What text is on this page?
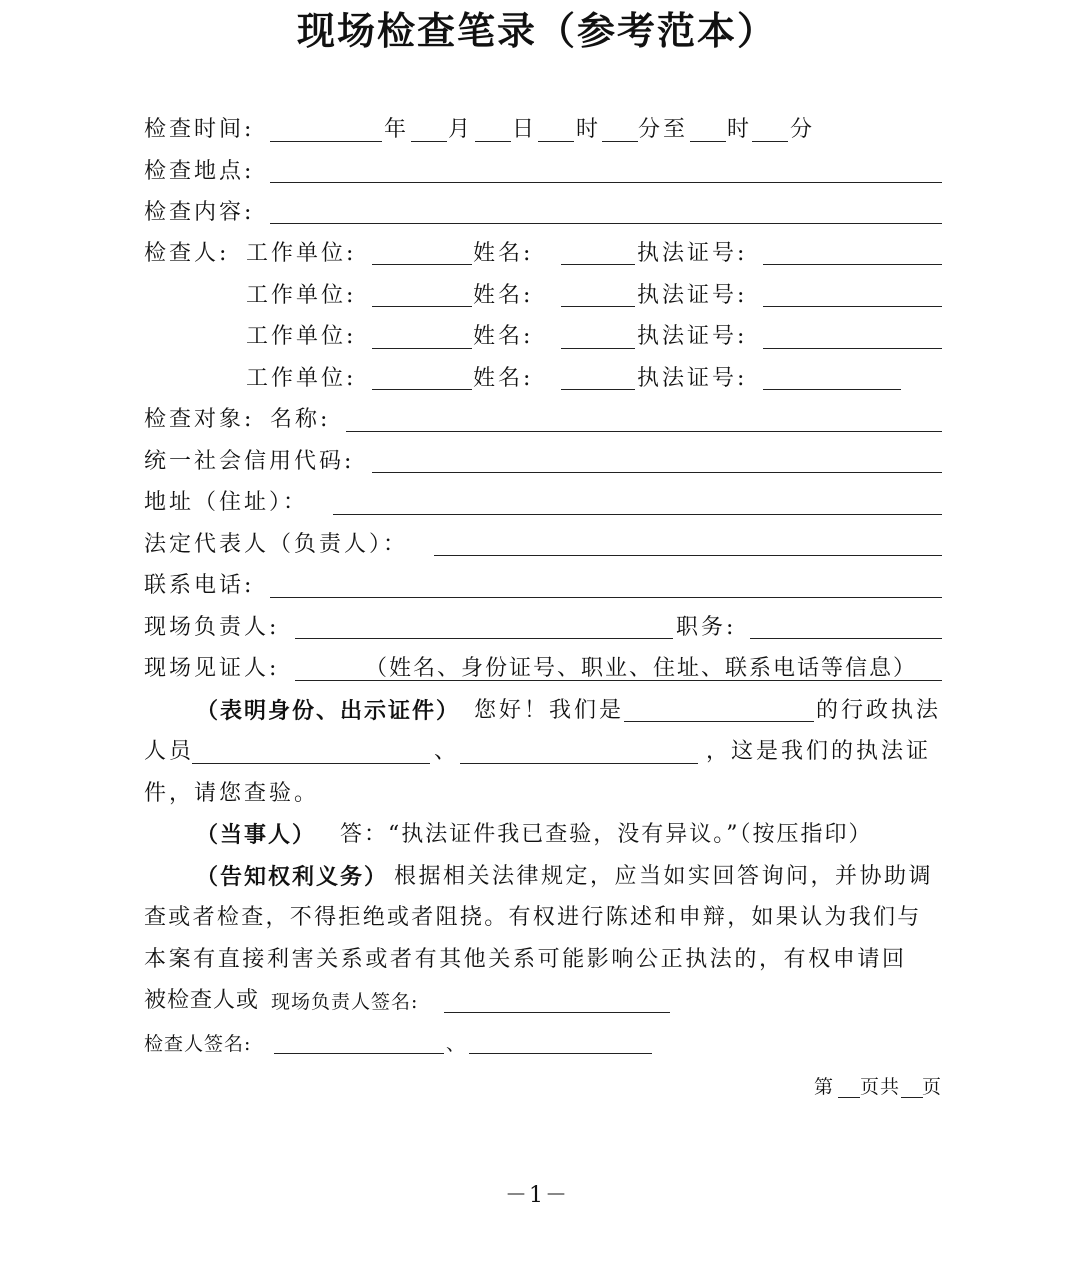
现场检查笔录（参考范本）
检查时间:	年 月 日 时 分至 时 分
检查地点:
检查内容:
检查人: 工作单位:	姓名:	执法证号:
工作单位:	姓名:	执法证号:
工作单位:	姓名:	执法证号:
工作单位:	姓名:	执法证号:
检查对象: 名称:
统一社会信用代码:
地址（住址）：
法定代表人（负责人）：
联系电话:
现场负责人:	职务:
现场见证人:	（姓名、身份证号、职业、住址、联系电话等信息）
（表明身份、出示证件） 您好！我们是	的行政执法
人员	、	，这是我们的执法证
件，请您查验。
（当事人） 答：“执法证件我已查验，没有异议。”（按压指印）
（告知权利义务） 根据相关法律规定，应当如实回答询问，并协助调
查或者检查，不得拒绝或者阻挠。有权进行陈述和申辩，如果认为我们与
本案有直接利害关系或者有其他关系可能影响公正执法的，有权申请回
被检查人或 现场负责人签名:
检查人签名:	、
第 页共 页
－1－
